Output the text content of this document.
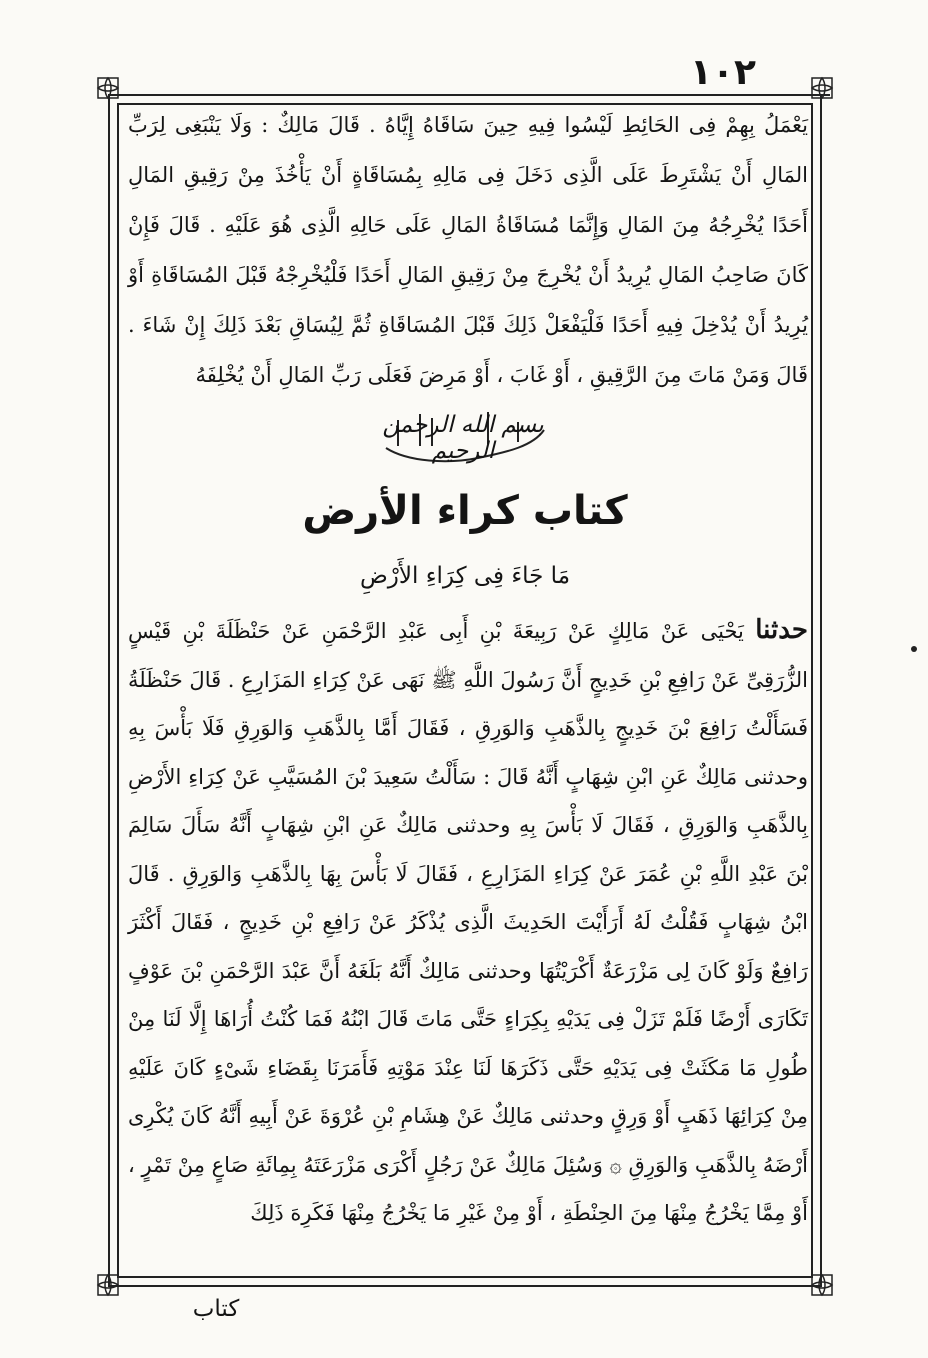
١٠٢

يَعْمَلُ بِهِمْ فِى الحَائِطِ لَيْسُوا فِيهِ حِينَ سَاقَاهُ إِيَّاهُ . قَالَ مَالِكٌ : وَلَا يَنْبَغِى لِرَبِّ المَالِ أَنْ يَشْتَرِطَ عَلَى الَّذِى دَخَلَ فِى مَالِهِ بِمُسَاقَاةٍ أَنْ يَأْخُذَ مِنْ رَقِيقِ المَالِ أَحَدًا يُخْرِجُهُ مِنَ المَالِ وَإِنَّمَا مُسَاقَاةُ المَالِ عَلَى حَالِهِ الَّذِى هُوَ عَلَيْهِ . قَالَ فَإِنْ كَانَ صَاحِبُ المَالِ يُرِيدُ أَنْ يُخْرِجَ مِنْ رَقِيقِ المَالِ أَحَدًا فَلْيُخْرِجْهُ قَبْلَ المُسَاقَاةِ أَوْ يُرِيدُ أَنْ يُدْخِلَ فِيهِ أَحَدًا فَلْيَفْعَلْ ذَلِكَ قَبْلَ المُسَاقَاةِ ثُمَّ لِيُسَاقِ بَعْدَ ذَلِكَ إِنْ شَاءَ . قَالَ وَمَنْ مَاتَ مِنَ الرَّقِيقِ ، أَوْ غَابَ ، أَوْ مَرِضَ فَعَلَى رَبِّ المَالِ أَنْ يُخْلِفَهُ

بسم الله الرحمن الرحيم
كتاب كراء الأرض
مَا جَاءَ فِى كِرَاءِ الأَرْضِ

حدثنا يَحْيَى عَنْ مَالِكٍ عَنْ رَبِيعَةَ بْنِ أَبِى عَبْدِ الرَّحْمَنِ عَنْ حَنْظَلَةَ بْنِ قَيْسٍ الزُّرَقِىِّ عَنْ رَافِعِ بْنِ خَدِيجٍ أَنَّ رَسُولَ اللَّهِ ﷺ نَهَى عَنْ كِرَاءِ المَزَارِعِ . قَالَ حَنْظَلَةُ فَسَأَلْتُ رَافِعَ بْنَ خَدِيجٍ بِالذَّهَبِ وَالوَرِقِ ، فَقَالَ أَمَّا بِالذَّهَبِ وَالوَرِقِ فَلَا بَأْسَ بِهِ وحدثنى مَالِكٌ عَنِ ابْنِ شِهَابٍ أَنَّهُ قَالَ : سَأَلْتُ سَعِيدَ بْنَ المُسَيَّبِ عَنْ كِرَاءِ الأَرْضِ بِالذَّهَبِ وَالوَرِقِ ، فَقَالَ لَا بَأْسَ بِهِ وحدثنى مَالِكٌ عَنِ ابْنِ شِهَابٍ أَنَّهُ سَأَلَ سَالِمَ بْنَ عَبْدِ اللَّهِ بْنِ عُمَرَ عَنْ كِرَاءِ المَزَارِعِ ، فَقَالَ لَا بَأْسَ بِهَا بِالذَّهَبِ وَالوَرِقِ . قَالَ ابْنُ شِهَابٍ فَقُلْتُ لَهُ أَرَأَيْتَ الحَدِيثَ الَّذِى يُذْكَرُ عَنْ رَافِعِ بْنِ خَدِيجٍ ، فَقَالَ أَكْثَرَ رَافِعٌ وَلَوْ كَانَ لِى مَزْرَعَةٌ أَكْرَيْتُهَا وحدثنى مَالِكٌ أَنَّهُ بَلَغَهُ أَنَّ عَبْدَ الرَّحْمَنِ بْنَ عَوْفٍ تَكَارَى أَرْضًا فَلَمْ تَزَلْ فِى يَدَيْهِ بِكِرَاءٍ حَتَّى مَاتَ قَالَ ابْنُهُ فَمَا كُنْتُ أُرَاهَا إِلَّا لَنَا مِنْ طُولِ مَا مَكَثَتْ فِى يَدَيْهِ حَتَّى ذَكَرَهَا لَنَا عِنْدَ مَوْتِهِ فَأَمَرَنَا بِقَضَاءِ شَىْءٍ كَانَ عَلَيْهِ مِنْ كِرَائِهَا ذَهَبٍ أَوْ وَرِقٍ وحدثنى مَالِكٌ عَنْ هِشَامِ بْنِ عُرْوَةَ عَنْ أَبِيهِ أَنَّهُ كَانَ يُكْرِى أَرْضَهُ بِالذَّهَبِ وَالوَرِقِ ۞ وَسُئِلَ مَالِكٌ عَنْ رَجُلٍ أَكْرَى مَزْرَعَتَهُ بِمِائَةِ صَاعٍ مِنْ تَمْرٍ ، أَوْ مِمَّا يَخْرُجُ مِنْهَا مِنَ الحِنْطَةِ ، أَوْ مِنْ غَيْرِ مَا يَخْرُجُ مِنْهَا فَكَرِهَ ذَلِكَ

كتاب
